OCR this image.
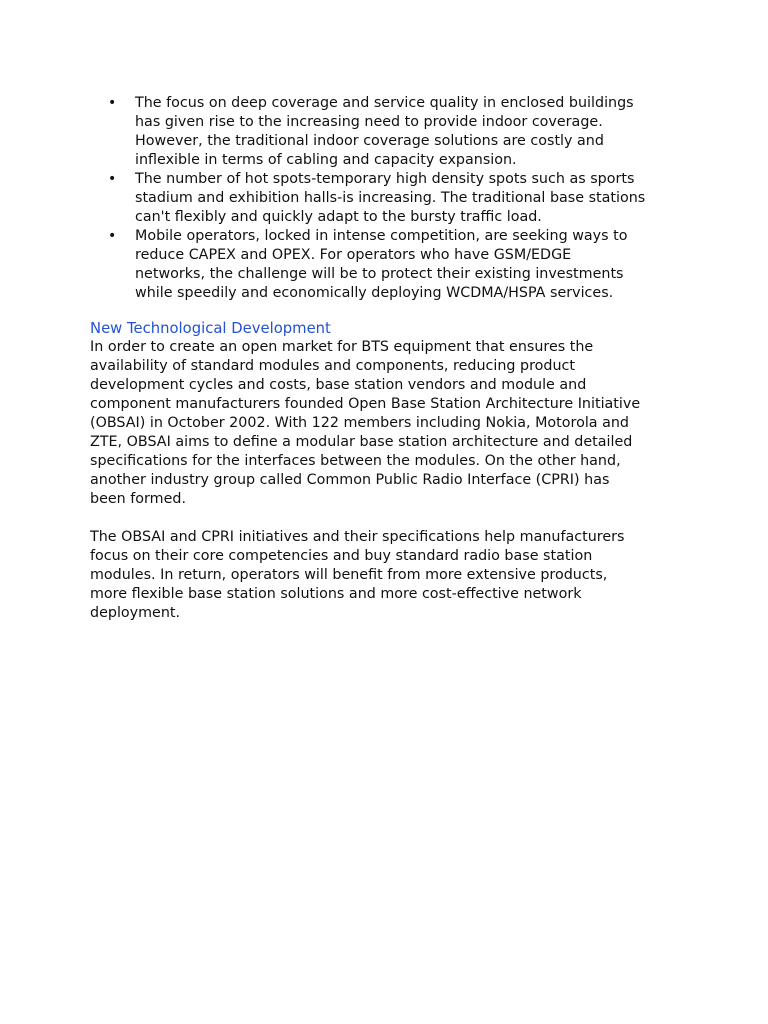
• The focus on deep coverage and service quality in enclosed buildings
has given rise to the increasing need to provide indoor coverage.
However, the traditional indoor coverage solutions are costly and
inflexible in terms of cabling and capacity expansion.
• The number of hot spots-temporary high density spots such as sports
stadium and exhibition halls-is increasing. The traditional base stations
can't flexibly and quickly adapt to the bursty traffic load.
• Mobile operators, locked in intense competition, are seeking ways to
reduce CAPEX and OPEX. For operators who have GSM/EDGE
networks, the challenge will be to protect their existing investments
while speedily and economically deploying WCDMA/HSPA services.
New Technological Development

In order to create an open market for BTS equipment that ensures the
availability of standard modules and components, reducing product
development cycles and costs, base station vendors and module and
component manufacturers founded Open Base Station Architecture Initiative
(OBSAI) in October 2002. With 122 members including Nokia, Motorola and
ZTE, OBSAI aims to define a modular base station architecture and detailed
specifications for the interfaces between the modules. On the other hand,
another industry group called Common Public Radio Interface (CPRI) has
been formed.

The OBSAI and CPRI initiatives and their specifications help manufacturers
focus on their core competencies and buy standard radio base station
modules. In return, operators will benefit from more extensive products,
more flexible base station solutions and more cost-effective network
deployment.
